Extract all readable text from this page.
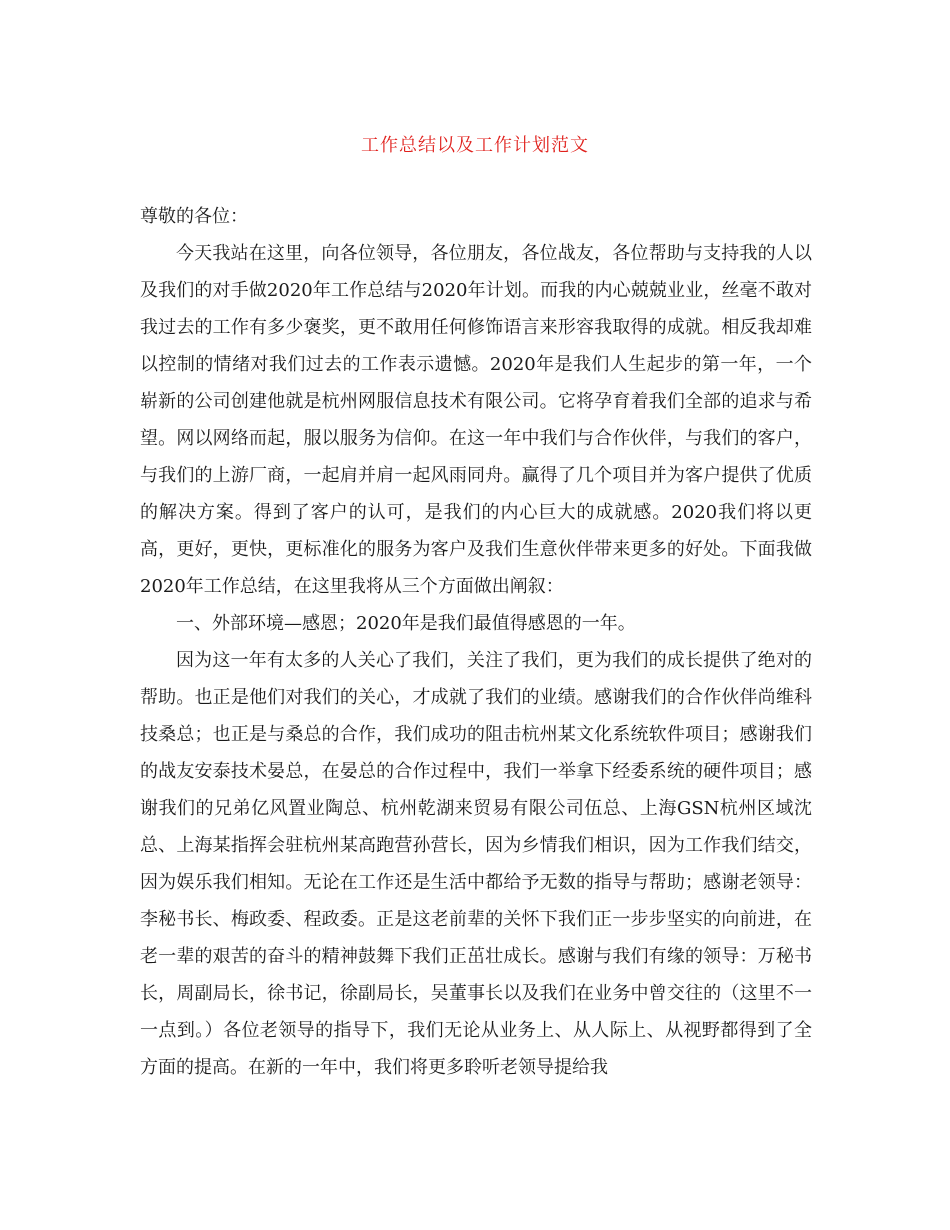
工作总结以及工作计划范文

尊敬的各位：

今天我站在这里，向各位领导，各位朋友，各位战友，各位帮助与支持我的人以及我们的对手做2020年工作总结与2020年计划。而我的内心兢兢业业，丝毫不敢对我过去的工作有多少褒奖，更不敢用任何修饰语言来形容我取得的成就。相反我却难以控制的情绪对我们过去的工作表示遗憾。2020年是我们人生起步的第一年，一个崭新的公司创建他就是杭州网服信息技术有限公司。它将孕育着我们全部的追求与希望。网以网络而起，服以服务为信仰。在这一年中我们与合作伙伴，与我们的客户，与我们的上游厂商，一起肩并肩一起风雨同舟。赢得了几个项目并为客户提供了优质的解决方案。得到了客户的认可，是我们的内心巨大的成就感。2020我们将以更高，更好，更快，更标准化的服务为客户及我们生意伙伴带来更多的好处。下面我做2020年工作总结，在这里我将从三个方面做出阐叙：

一、外部环境—感恩；2020年是我们最值得感恩的一年。

因为这一年有太多的人关心了我们，关注了我们，更为我们的成长提供了绝对的帮助。也正是他们对我们的关心，才成就了我们的业绩。感谢我们的合作伙伴尚维科技桑总；也正是与桑总的合作，我们成功的阻击杭州某文化系统软件项目；感谢我们的战友安泰技术晏总，在晏总的合作过程中，我们一举拿下经委系统的硬件项目；感谢我们的兄弟亿风置业陶总、杭州乾湖来贸易有限公司伍总、上海GSN杭州区域沈总、上海某指挥会驻杭州某高跑营孙营长，因为乡情我们相识，因为工作我们结交，因为娱乐我们相知。无论在工作还是生活中都给予无数的指导与帮助；感谢老领导：李秘书长、梅政委、程政委。正是这老前辈的关怀下我们正一步步坚实的向前进，在老一辈的艰苦的奋斗的精神鼓舞下我们正茁壮成长。感谢与我们有缘的领导：万秘书长，周副局长，徐书记，徐副局长，吴董事长以及我们在业务中曾交往的（这里不一一点到。）各位老领导的指导下，我们无论从业务上、从人际上、从视野都得到了全方面的提高。在新的一年中，我们将更多聆听老领导提给我
